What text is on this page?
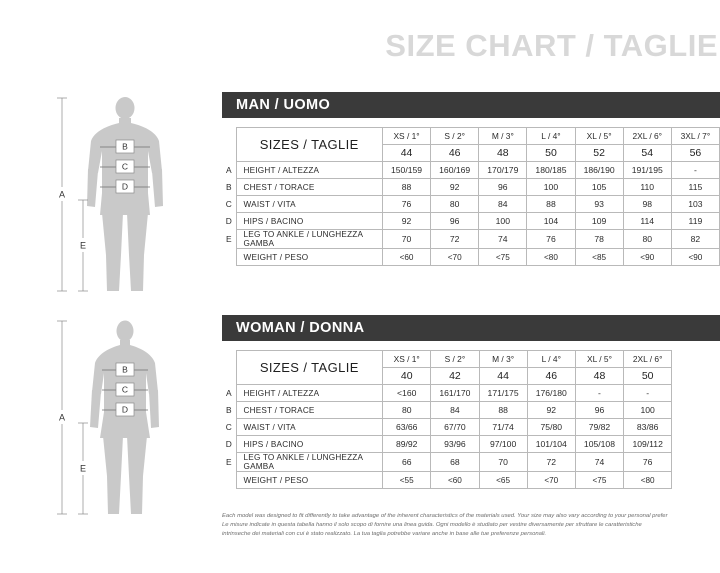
SIZE CHART / TAGLIE
B
C
D
A
E
MAN / UOMO
	SIZES / TAGLIE	XS / 1°	S / 2°	M / 3°	L / 4°	XL / 5°	2XL / 6°	3XL / 7°
		44	46	48	50	52	54	56
A	HEIGHT / ALTEZZA	150/159	160/169	170/179	180/185	186/190	191/195	-
B	CHEST / TORACE	88	92	96	100	105	110	115
C	WAIST / VITA	76	80	84	88	93	98	103
D	HIPS / BACINO	92	96	100	104	109	114	119
E	LEG TO ANKLE / LUNGHEZZA GAMBA	70	72	74	76	78	80	82
	WEIGHT / PESO	<60	<70	<75	<80	<85	<90	<90
B
C
D
A
E
WOMAN / DONNA
	SIZES / TAGLIE	XS / 1°	S / 2°	M / 3°	L / 4°	XL / 5°	2XL / 6°	
		40	42	44	46	48	50	
A	HEIGHT / ALTEZZA	<160	161/170	171/175	176/180	-	-	
B	CHEST / TORACE	80	84	88	92	96	100	
C	WAIST / VITA	63/66	67/70	71/74	75/80	79/82	83/86	
D	HIPS / BACINO	89/92	93/96	97/100	101/104	105/108	109/112	
E	LEG TO ANKLE / LUNGHEZZA GAMBA	66	68	70	72	74	76	
	WEIGHT / PESO	<55	<60	<65	<70	<75	<80	
Each model was designed to fit differently to take advantage of the inherent characteristics of the materials used. Your size may also vary according to your personal prefer
Le misure indicate in questa tabella hanno il solo scopo di fornire una linea guida. Ogni modello è studiato per vestire diversamente per sfruttare le caratteristiche
intrinseche dei materiali con cui è stato realizzato. La tua taglia potrebbe variare anche in base alle tue preferenze personali.
